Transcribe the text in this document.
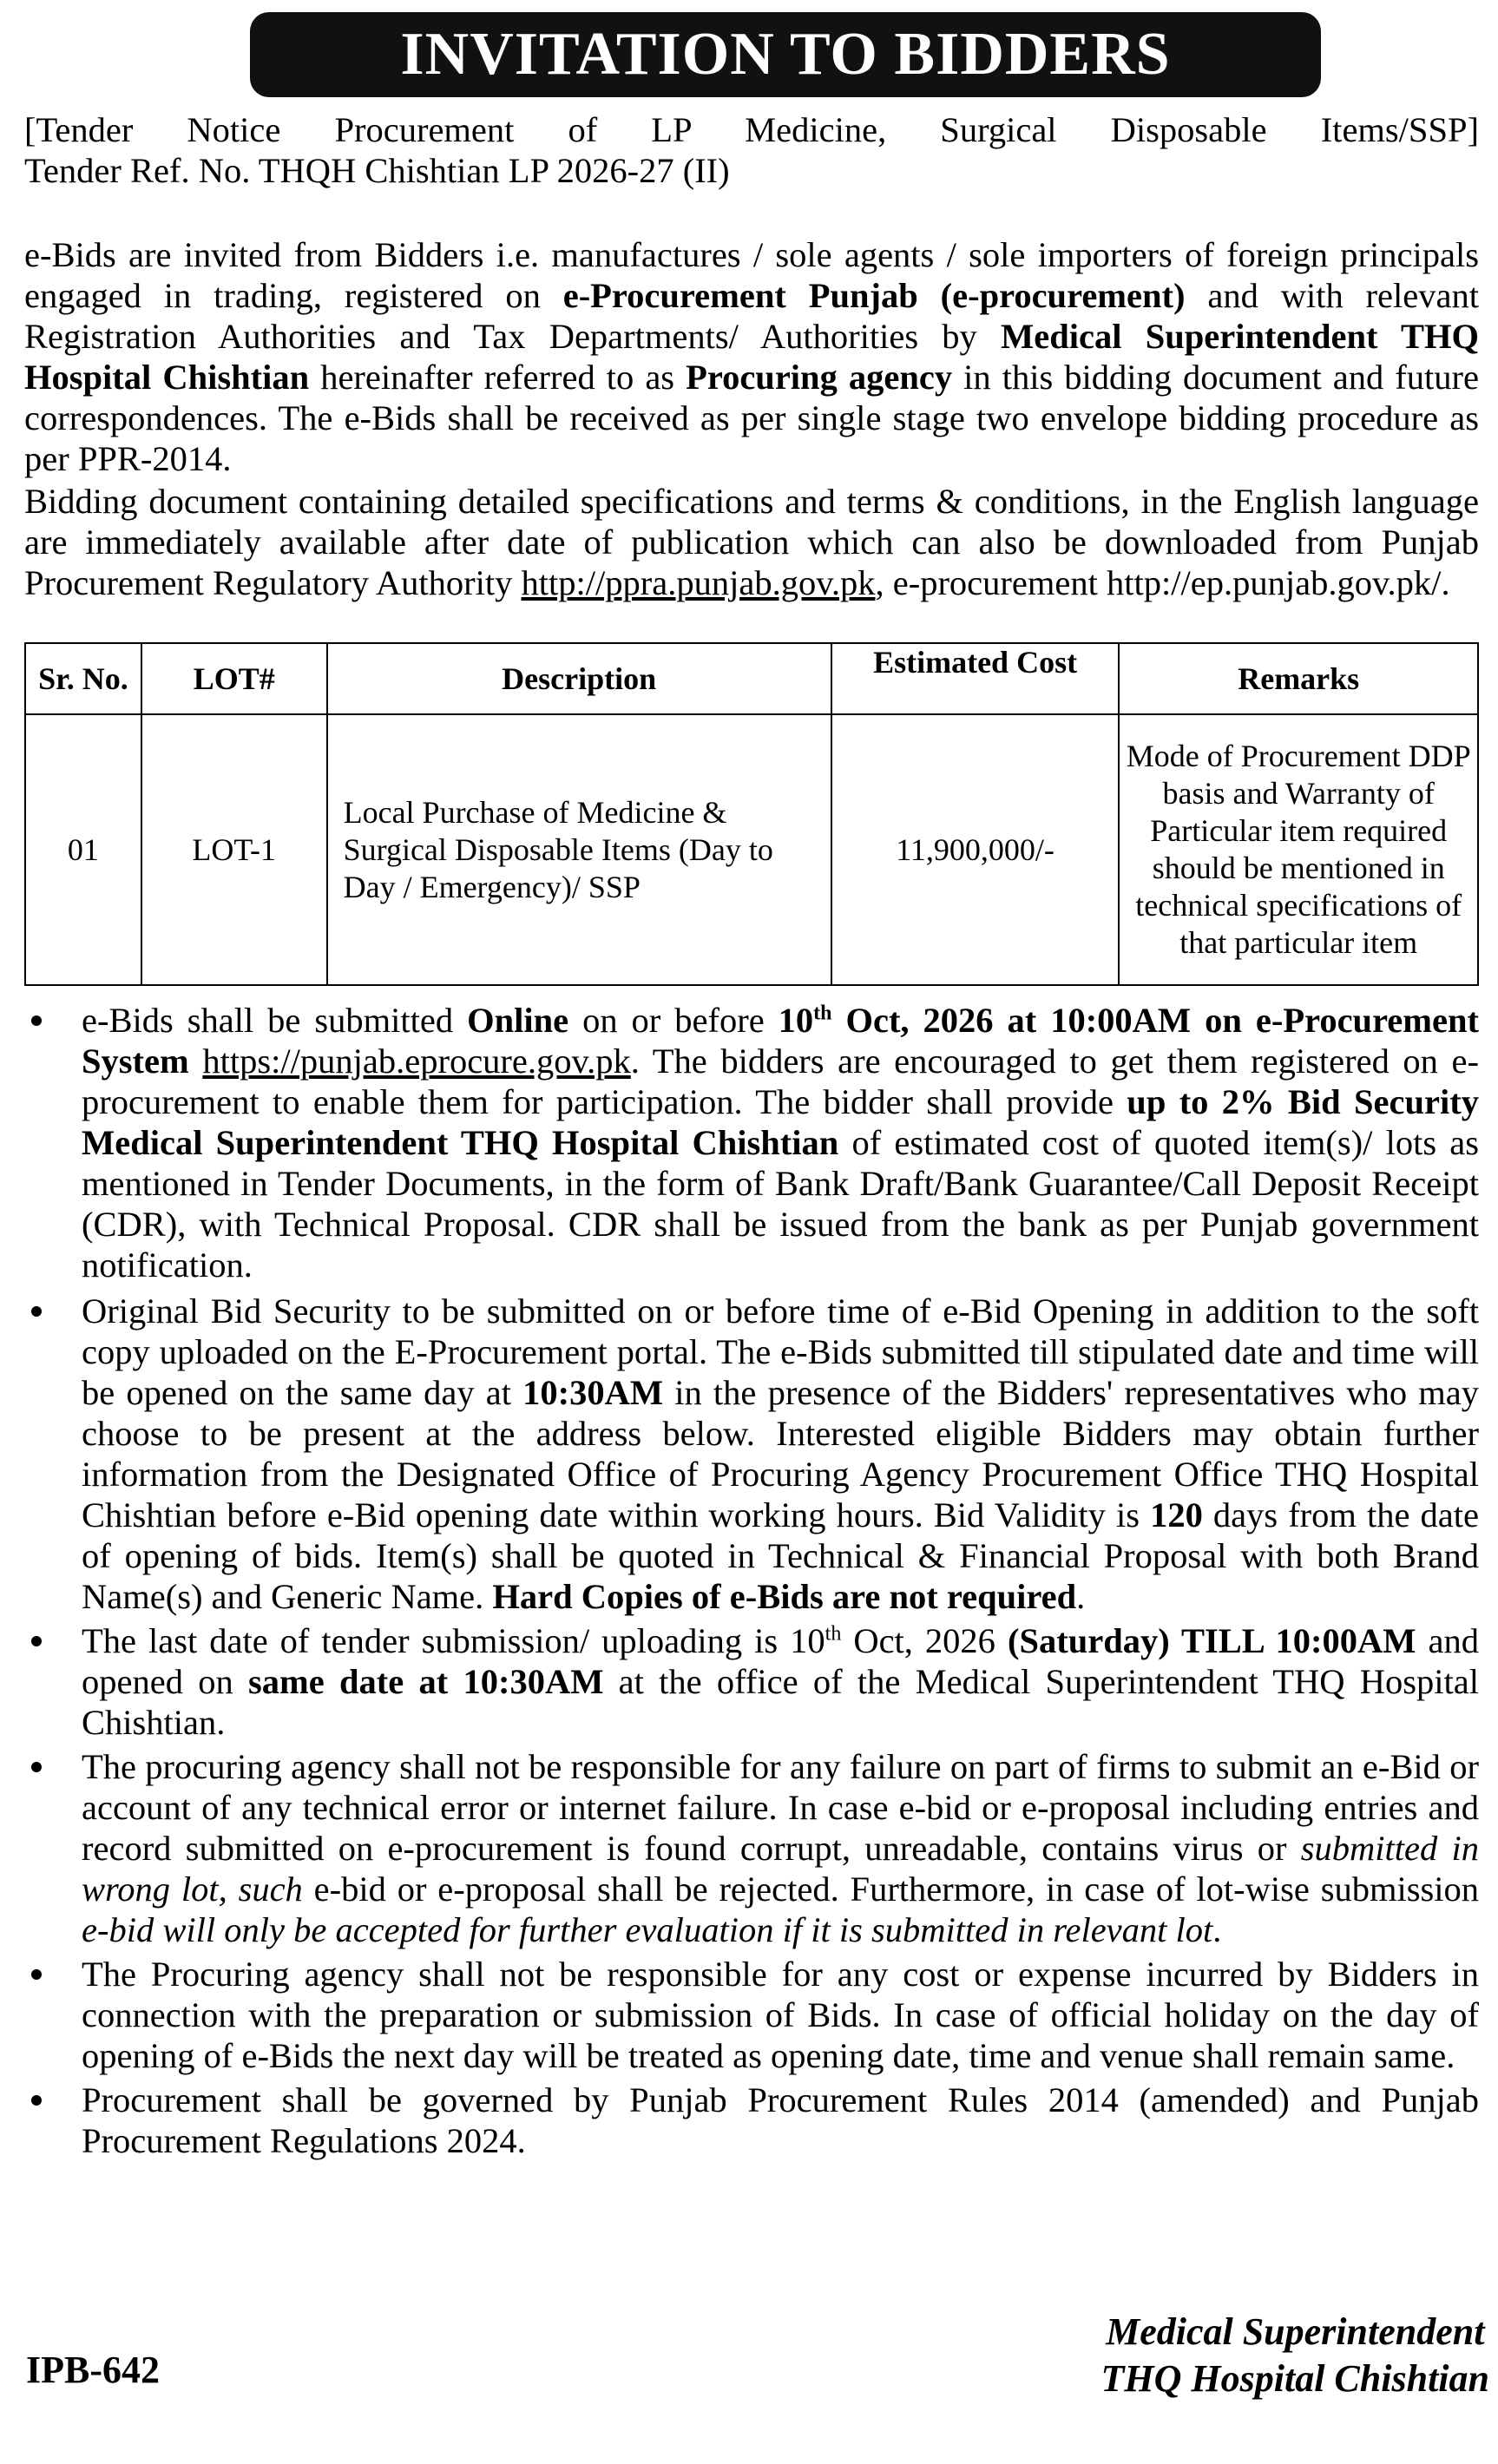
INVITATION TO BIDDERS
[Tender Notice Procurement of LP Medicine, Surgical Disposable Items/SSP]
Tender Ref. No. THQH Chishtian LP 2026-27 (II)
e-Bids are invited from Bidders i.e. manufactures / sole agents / sole importers of foreign principals engaged in trading, registered on e-Procurement Punjab (e-procurement) and with relevant Registration Authorities and Tax Departments/ Authorities by Medical Superintendent THQ Hospital Chishtian hereinafter referred to as Procuring agency in this bidding document and future correspondences. The e-Bids shall be received as per single stage two envelope bidding procedure as per PPR-2014.
Bidding document containing detailed specifications and terms & conditions, in the English language are immediately available after date of publication which can also be downloaded from Punjab Procurement Regulatory Authority http://ppra.punjab.gov.pk, e-procurement http://ep.punjab.gov.pk/.
Sr. No.	LOT#	Description	Estimated Cost	Remarks
01	LOT-1	Local Purchase of Medicine & Surgical Disposable Items (Day to Day / Emergency)/ SSP	11,900,000/-	Mode of Procurement DDP basis and Warranty of Particular item required should be mentioned in technical specifications of that particular item
e-Bids shall be submitted Online on or before 10th Oct, 2026 at 10:00AM on e-Procurement System https://punjab.eprocure.gov.pk. The bidders are encouraged to get them registered on e-procurement to enable them for participation. The bidder shall provide up to 2% Bid Security Medical Superintendent THQ Hospital Chishtian of estimated cost of quoted item(s)/ lots as mentioned in Tender Documents, in the form of Bank Draft/Bank Guarantee/Call Deposit Receipt (CDR), with Technical Proposal. CDR shall be issued from the bank as per Punjab government notification.
Original Bid Security to be submitted on or before time of e-Bid Opening in addition to the soft copy uploaded on the E-Procurement portal. The e-Bids submitted till stipulated date and time will be opened on the same day at 10:30AM in the presence of the Bidders' representatives who may choose to be present at the address below. Interested eligible Bidders may obtain further information from the Designated Office of Procuring Agency Procurement Office THQ Hospital Chishtian before e-Bid opening date within working hours. Bid Validity is 120 days from the date of opening of bids. Item(s) shall be quoted in Technical & Financial Proposal with both Brand Name(s) and Generic Name. Hard Copies of e-Bids are not required.
The last date of tender submission/ uploading is 10th Oct, 2026 (Saturday) TILL 10:00AM and opened on same date at 10:30AM at the office of the Medical Superintendent THQ Hospital Chishtian.
The procuring agency shall not be responsible for any failure on part of firms to submit an e-Bid or account of any technical error or internet failure. In case e-bid or e-proposal including entries and record submitted on e-procurement is found corrupt, unreadable, contains virus or submitted in wrong lot, such e-bid or e-proposal shall be rejected. Furthermore, in case of lot-wise submission e-bid will only be accepted for further evaluation if it is submitted in relevant lot.
The Procuring agency shall not be responsible for any cost or expense incurred by Bidders in connection with the preparation or submission of Bids. In case of official holiday on the day of opening of e-Bids the next day will be treated as opening date, time and venue shall remain same.
Procurement shall be governed by Punjab Procurement Rules 2014 (amended) and Punjab Procurement Regulations 2024.
IPB-642
Medical Superintendent
THQ Hospital Chishtian
